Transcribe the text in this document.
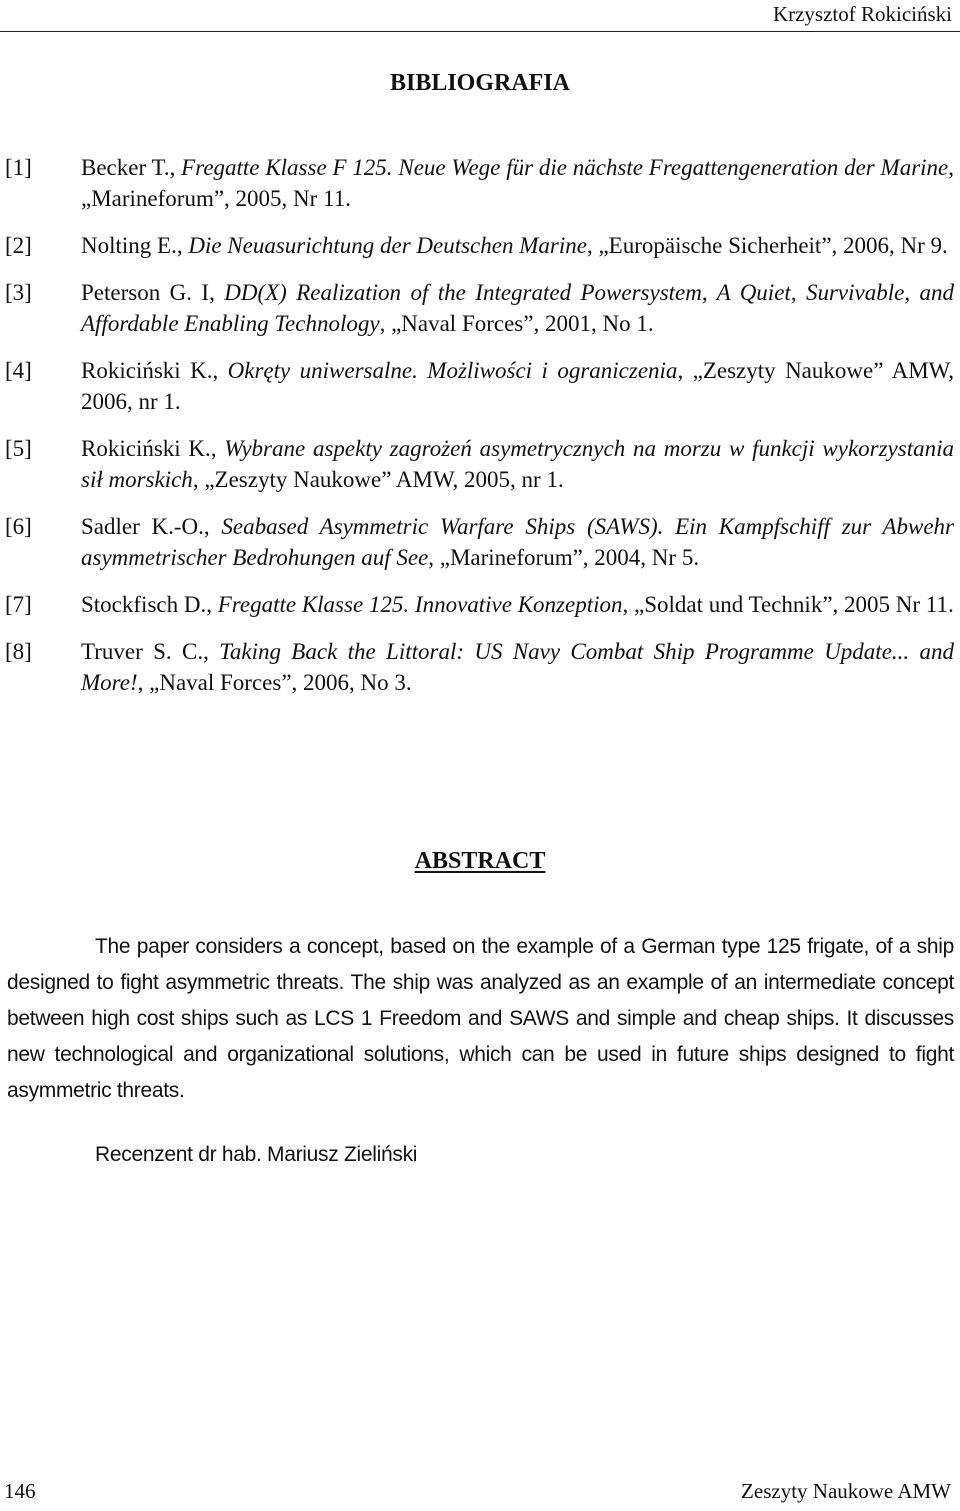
Krzysztof Rokiciński
BIBLIOGRAFIA
[1] Becker T., Fregatte Klasse F 125. Neue Wege für die nächste Fregattengeneration der Marine, „Marineforum”, 2005, Nr 11.
[2] Nolting E., Die Neuasurichtung der Deutschen Marine, „Europäische Sicherheit”, 2006, Nr 9.
[3] Peterson G. I, DD(X) Realization of the Integrated Powersystem, A Quiet, Survivable, and Affordable Enabling Technology, „Naval Forces”, 2001, No 1.
[4] Rokiciński K., Okręty uniwersalne. Możliwości i ograniczenia, „Zeszyty Naukowe” AMW, 2006, nr 1.
[5] Rokiciński K., Wybrane aspekty zagrożeń asymetrycznych na morzu w funkcji wykorzystania sił morskich, „Zeszyty Naukowe” AMW, 2005, nr 1.
[6] Sadler K.-O., Seabased Asymmetric Warfare Ships (SAWS). Ein Kampfschiff zur Abwehr asymmetrischer Bedrohungen auf See, „Marineforum”, 2004, Nr 5.
[7] Stockfisch D., Fregatte Klasse 125. Innovative Konzeption, „Soldat und Technik”, 2005 Nr 11.
[8] Truver S. C., Taking Back the Littoral: US Navy Combat Ship Programme Update... and More!, „Naval Forces”, 2006, No 3.
ABSTRACT

The paper considers a concept, based on the example of a German type 125 frigate, of a ship designed to fight asymmetric threats. The ship was analyzed as an example of an intermediate concept between high cost ships such as LCS 1 Freedom and SAWS and simple and cheap ships. It discusses new technological and organizational solutions, which can be used in future ships designed to fight asymmetric threats.

Recenzent dr hab. Mariusz Zieliński
146	Zeszyty Naukowe AMW
